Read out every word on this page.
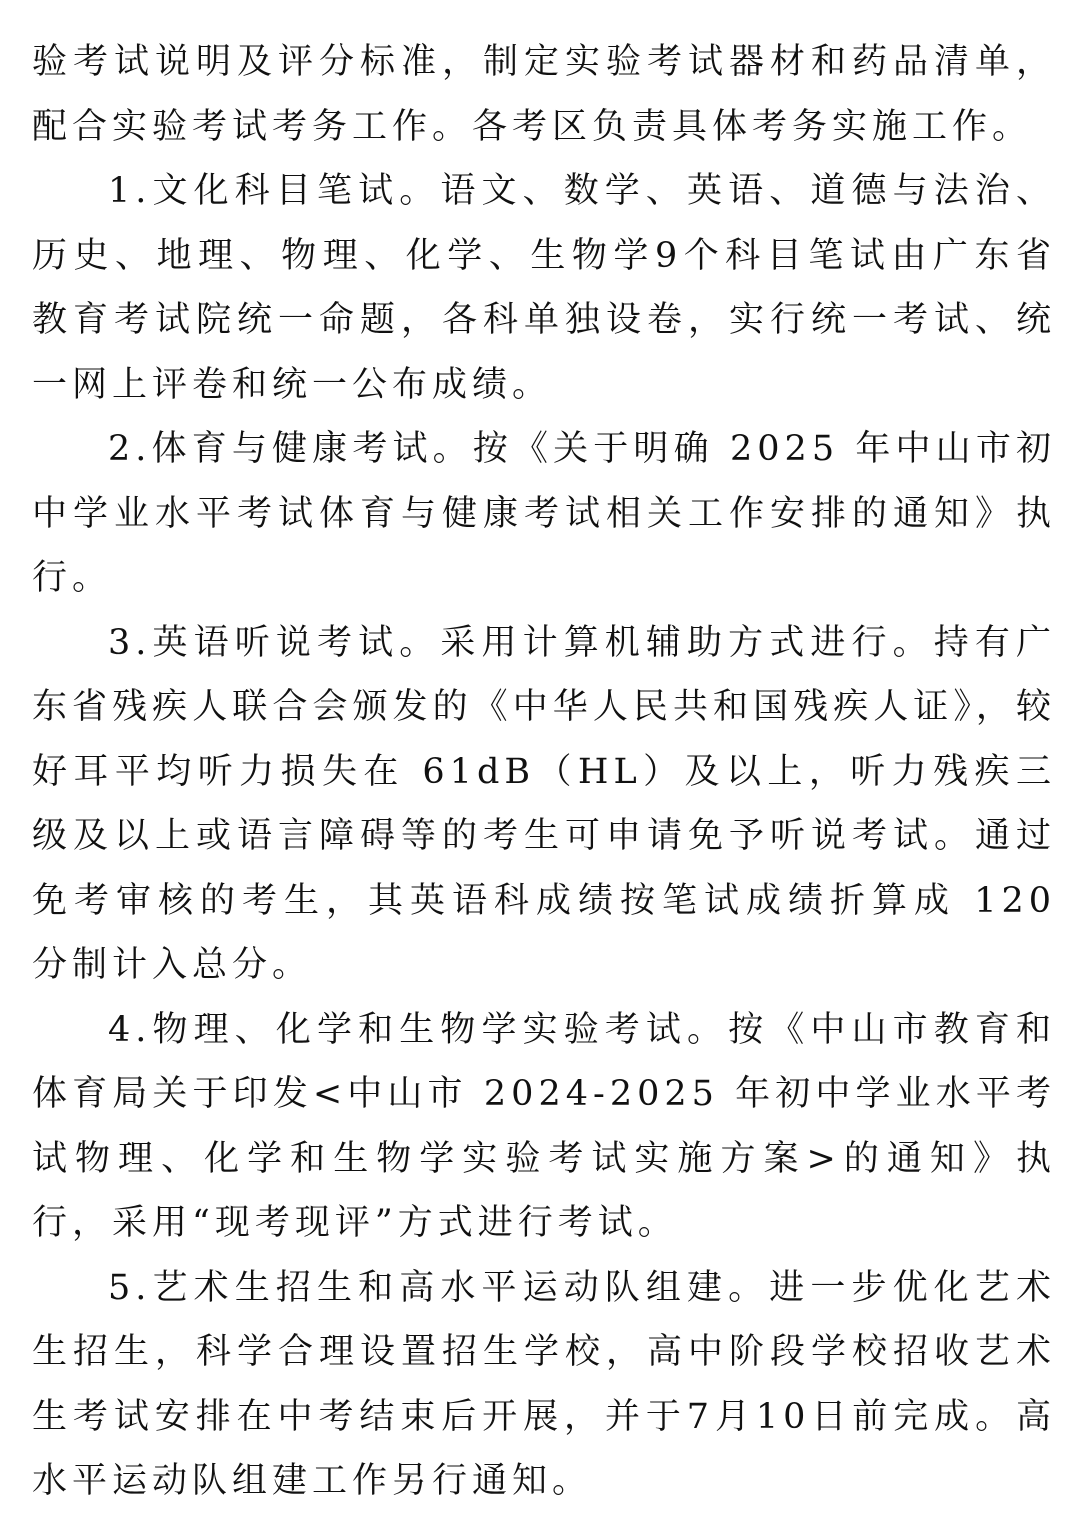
验考试说明及评分标准，制定实验考试器材和药品清单，配合实验考试考务工作。各考区负责具体考务实施工作。

1.文化科目笔试。语文、数学、英语、道德与法治、历史、地理、物理、化学、生物学9个科目笔试由广东省教育考试院统一命题，各科单独设卷，实行统一考试、统一网上评卷和统一公布成绩。

2.体育与健康考试。按《关于明确 2025 年中山市初中学业水平考试体育与健康考试相关工作安排的通知》执行。

3.英语听说考试。采用计算机辅助方式进行。持有广东省残疾人联合会颁发的《中华人民共和国残疾人证》，较好耳平均听力损失在 61dB（HL）及以上，听力残疾三级及以上或语言障碍等的考生可申请免予听说考试。通过免考审核的考生，其英语科成绩按笔试成绩折算成 120 分制计入总分。

4.物理、化学和生物学实验考试。按《中山市教育和体育局关于印发<中山市 2024-2025 年初中学业水平考试物理、化学和生物学实验考试实施方案>的通知》执行，采用“现考现评”方式进行考试。

5.艺术生招生和高水平运动队组建。进一步优化艺术生招生，科学合理设置招生学校，高中阶段学校招收艺术生考试安排在中考结束后开展，并于7月10日前完成。高水平运动队组建工作另行通知。
